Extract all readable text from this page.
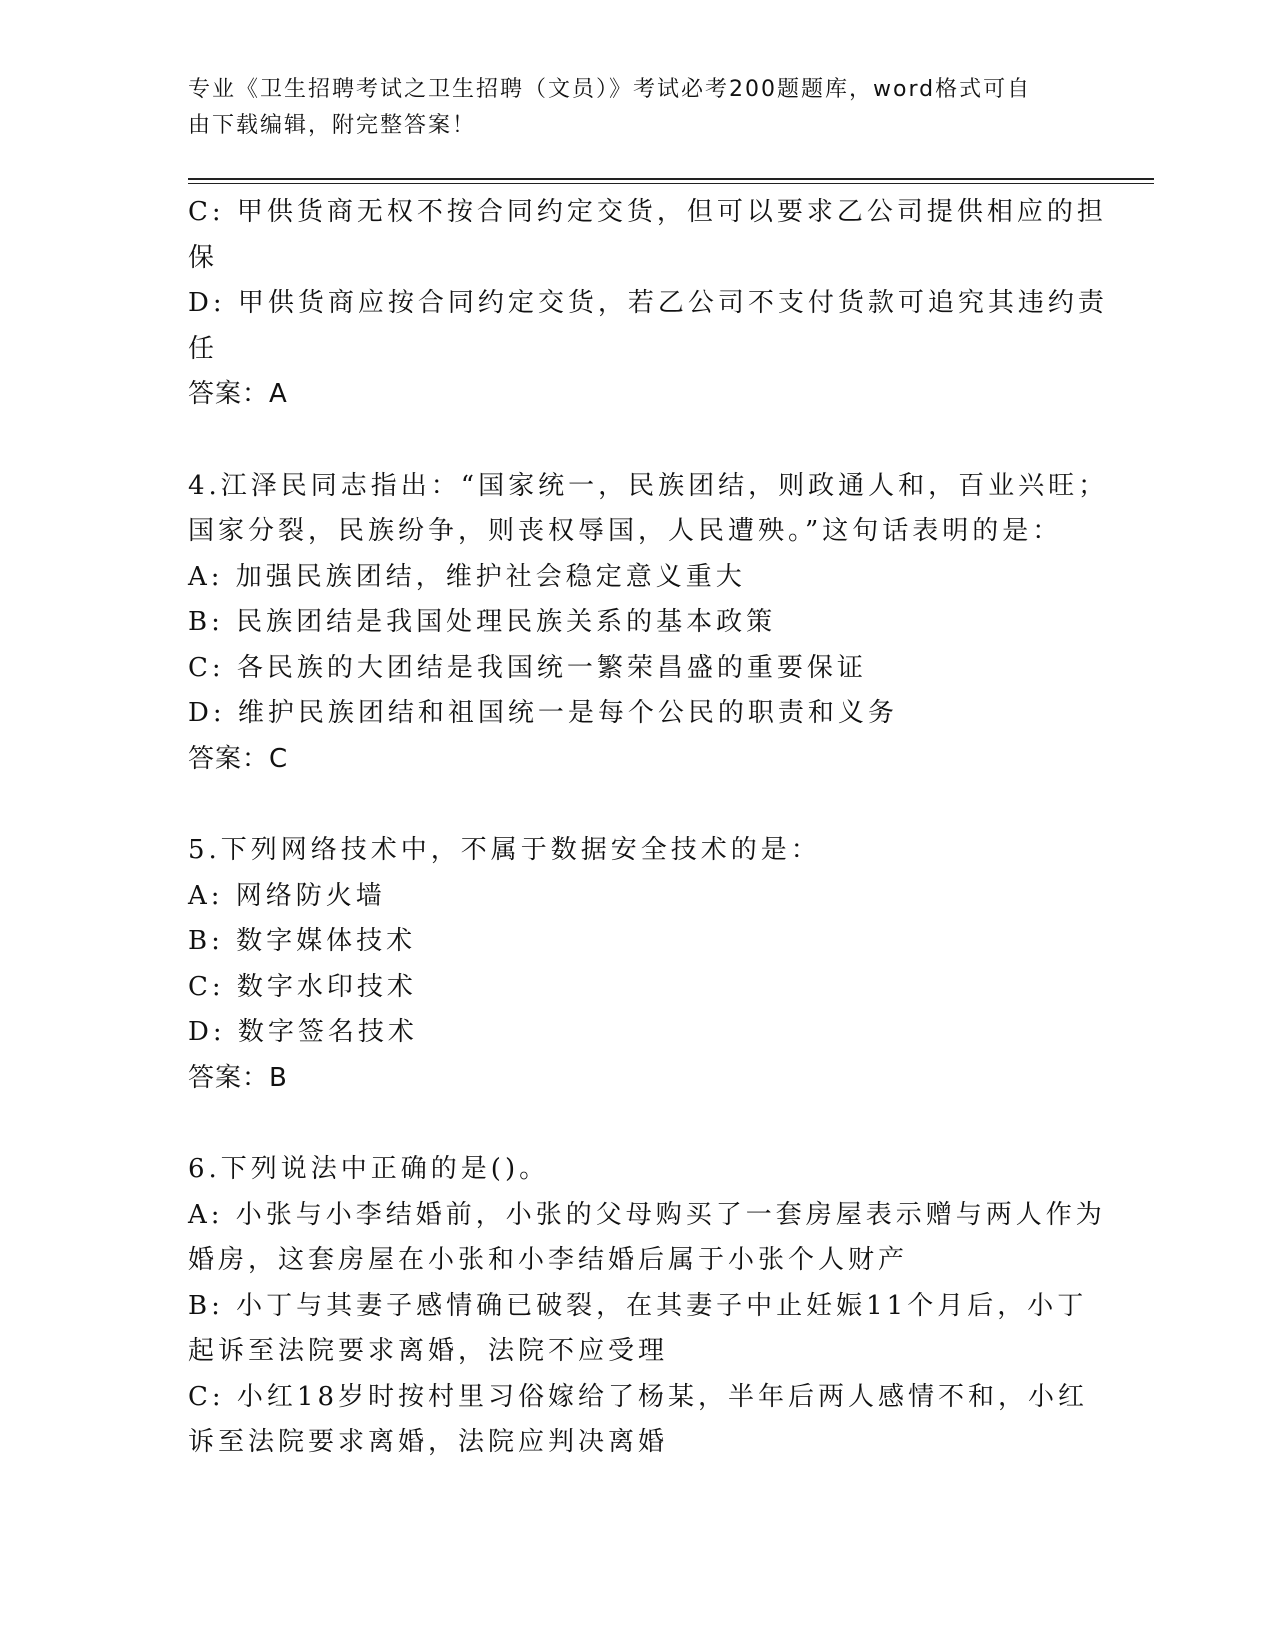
专业《卫生招聘考试之卫生招聘（文员）》考试必考200题题库，word格式可自
由下载编辑，附完整答案！
C: 甲供货商无权不按合同约定交货，但可以要求乙公司提供相应的担
保
D: 甲供货商应按合同约定交货，若乙公司不支付货款可追究其违约责
任
答案：A
4.江泽民同志指出：“国家统一，民族团结，则政通人和，百业兴旺；
国家分裂，民族纷争，则丧权辱国，人民遭殃。”这句话表明的是：
A: 加强民族团结，维护社会稳定意义重大
B: 民族团结是我国处理民族关系的基本政策
C: 各民族的大团结是我国统一繁荣昌盛的重要保证
D: 维护民族团结和祖国统一是每个公民的职责和义务
答案：C
5.下列网络技术中，不属于数据安全技术的是：
A: 网络防火墙
B: 数字媒体技术
C: 数字水印技术
D: 数字签名技术
答案：B
6.下列说法中正确的是()。
A: 小张与小李结婚前，小张的父母购买了一套房屋表示赠与两人作为
婚房，这套房屋在小张和小李结婚后属于小张个人财产
B: 小丁与其妻子感情确已破裂，在其妻子中止妊娠11个月后，小丁
起诉至法院要求离婚，法院不应受理
C: 小红18岁时按村里习俗嫁给了杨某，半年后两人感情不和，小红
诉至法院要求离婚，法院应判决离婚
